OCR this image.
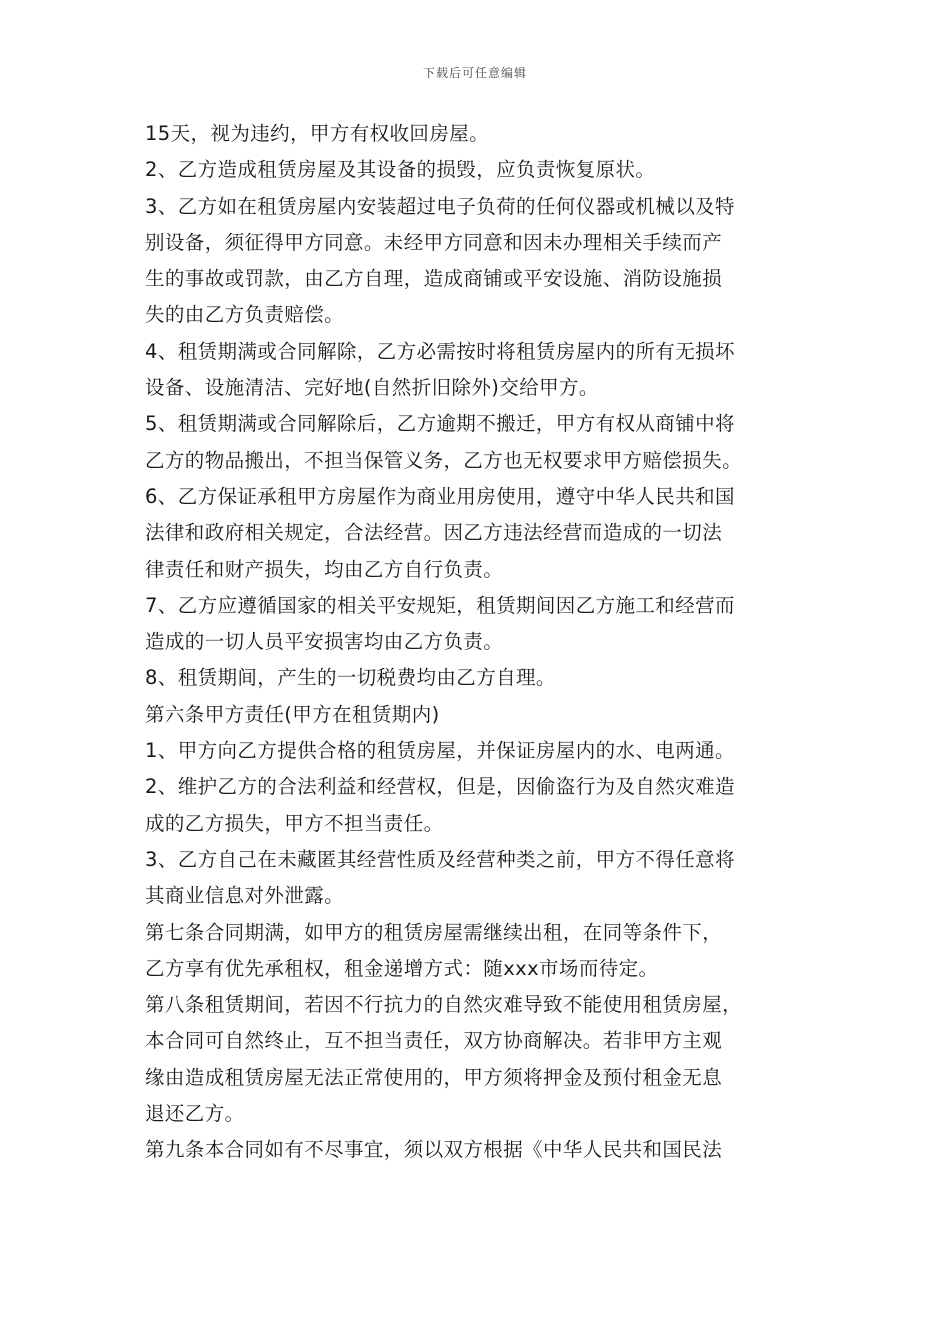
下载后可任意编辑
15天，视为违约，甲方有权收回房屋。
2、乙方造成租赁房屋及其设备的损毁，应负责恢复原状。
3、乙方如在租赁房屋内安装超过电子负荷的任何仪器或机械以及特
别设备，须征得甲方同意。未经甲方同意和因未办理相关手续而产
生的事故或罚款，由乙方自理，造成商铺或平安设施、消防设施损
失的由乙方负责赔偿。
4、租赁期满或合同解除，乙方必需按时将租赁房屋内的所有无损坏
设备、设施清洁、完好地(自然折旧除外)交给甲方。
5、租赁期满或合同解除后，乙方逾期不搬迁，甲方有权从商铺中将
乙方的物品搬出，不担当保管义务，乙方也无权要求甲方赔偿损失。
6、乙方保证承租甲方房屋作为商业用房使用，遵守中华人民共和国
法律和政府相关规定，合法经营。因乙方违法经营而造成的一切法
律责任和财产损失，均由乙方自行负责。
7、乙方应遵循国家的相关平安规矩，租赁期间因乙方施工和经营而
造成的一切人员平安损害均由乙方负责。
8、租赁期间，产生的一切税费均由乙方自理。
第六条甲方责任(甲方在租赁期内)
1、甲方向乙方提供合格的租赁房屋，并保证房屋内的水、电两通。
2、维护乙方的合法利益和经营权，但是，因偷盗行为及自然灾难造
成的乙方损失，甲方不担当责任。
3、乙方自己在未藏匿其经营性质及经营种类之前，甲方不得任意将
其商业信息对外泄露。
第七条合同期满，如甲方的租赁房屋需继续出租，在同等条件下，
乙方享有优先承租权，租金递增方式：随xxx市场而待定。
第八条租赁期间，若因不行抗力的自然灾难导致不能使用租赁房屋，
本合同可自然终止，互不担当责任，双方协商解决。若非甲方主观
缘由造成租赁房屋无法正常使用的，甲方须将押金及预付租金无息
退还乙方。
第九条本合同如有不尽事宜，须以双方根据《中华人民共和国民法
